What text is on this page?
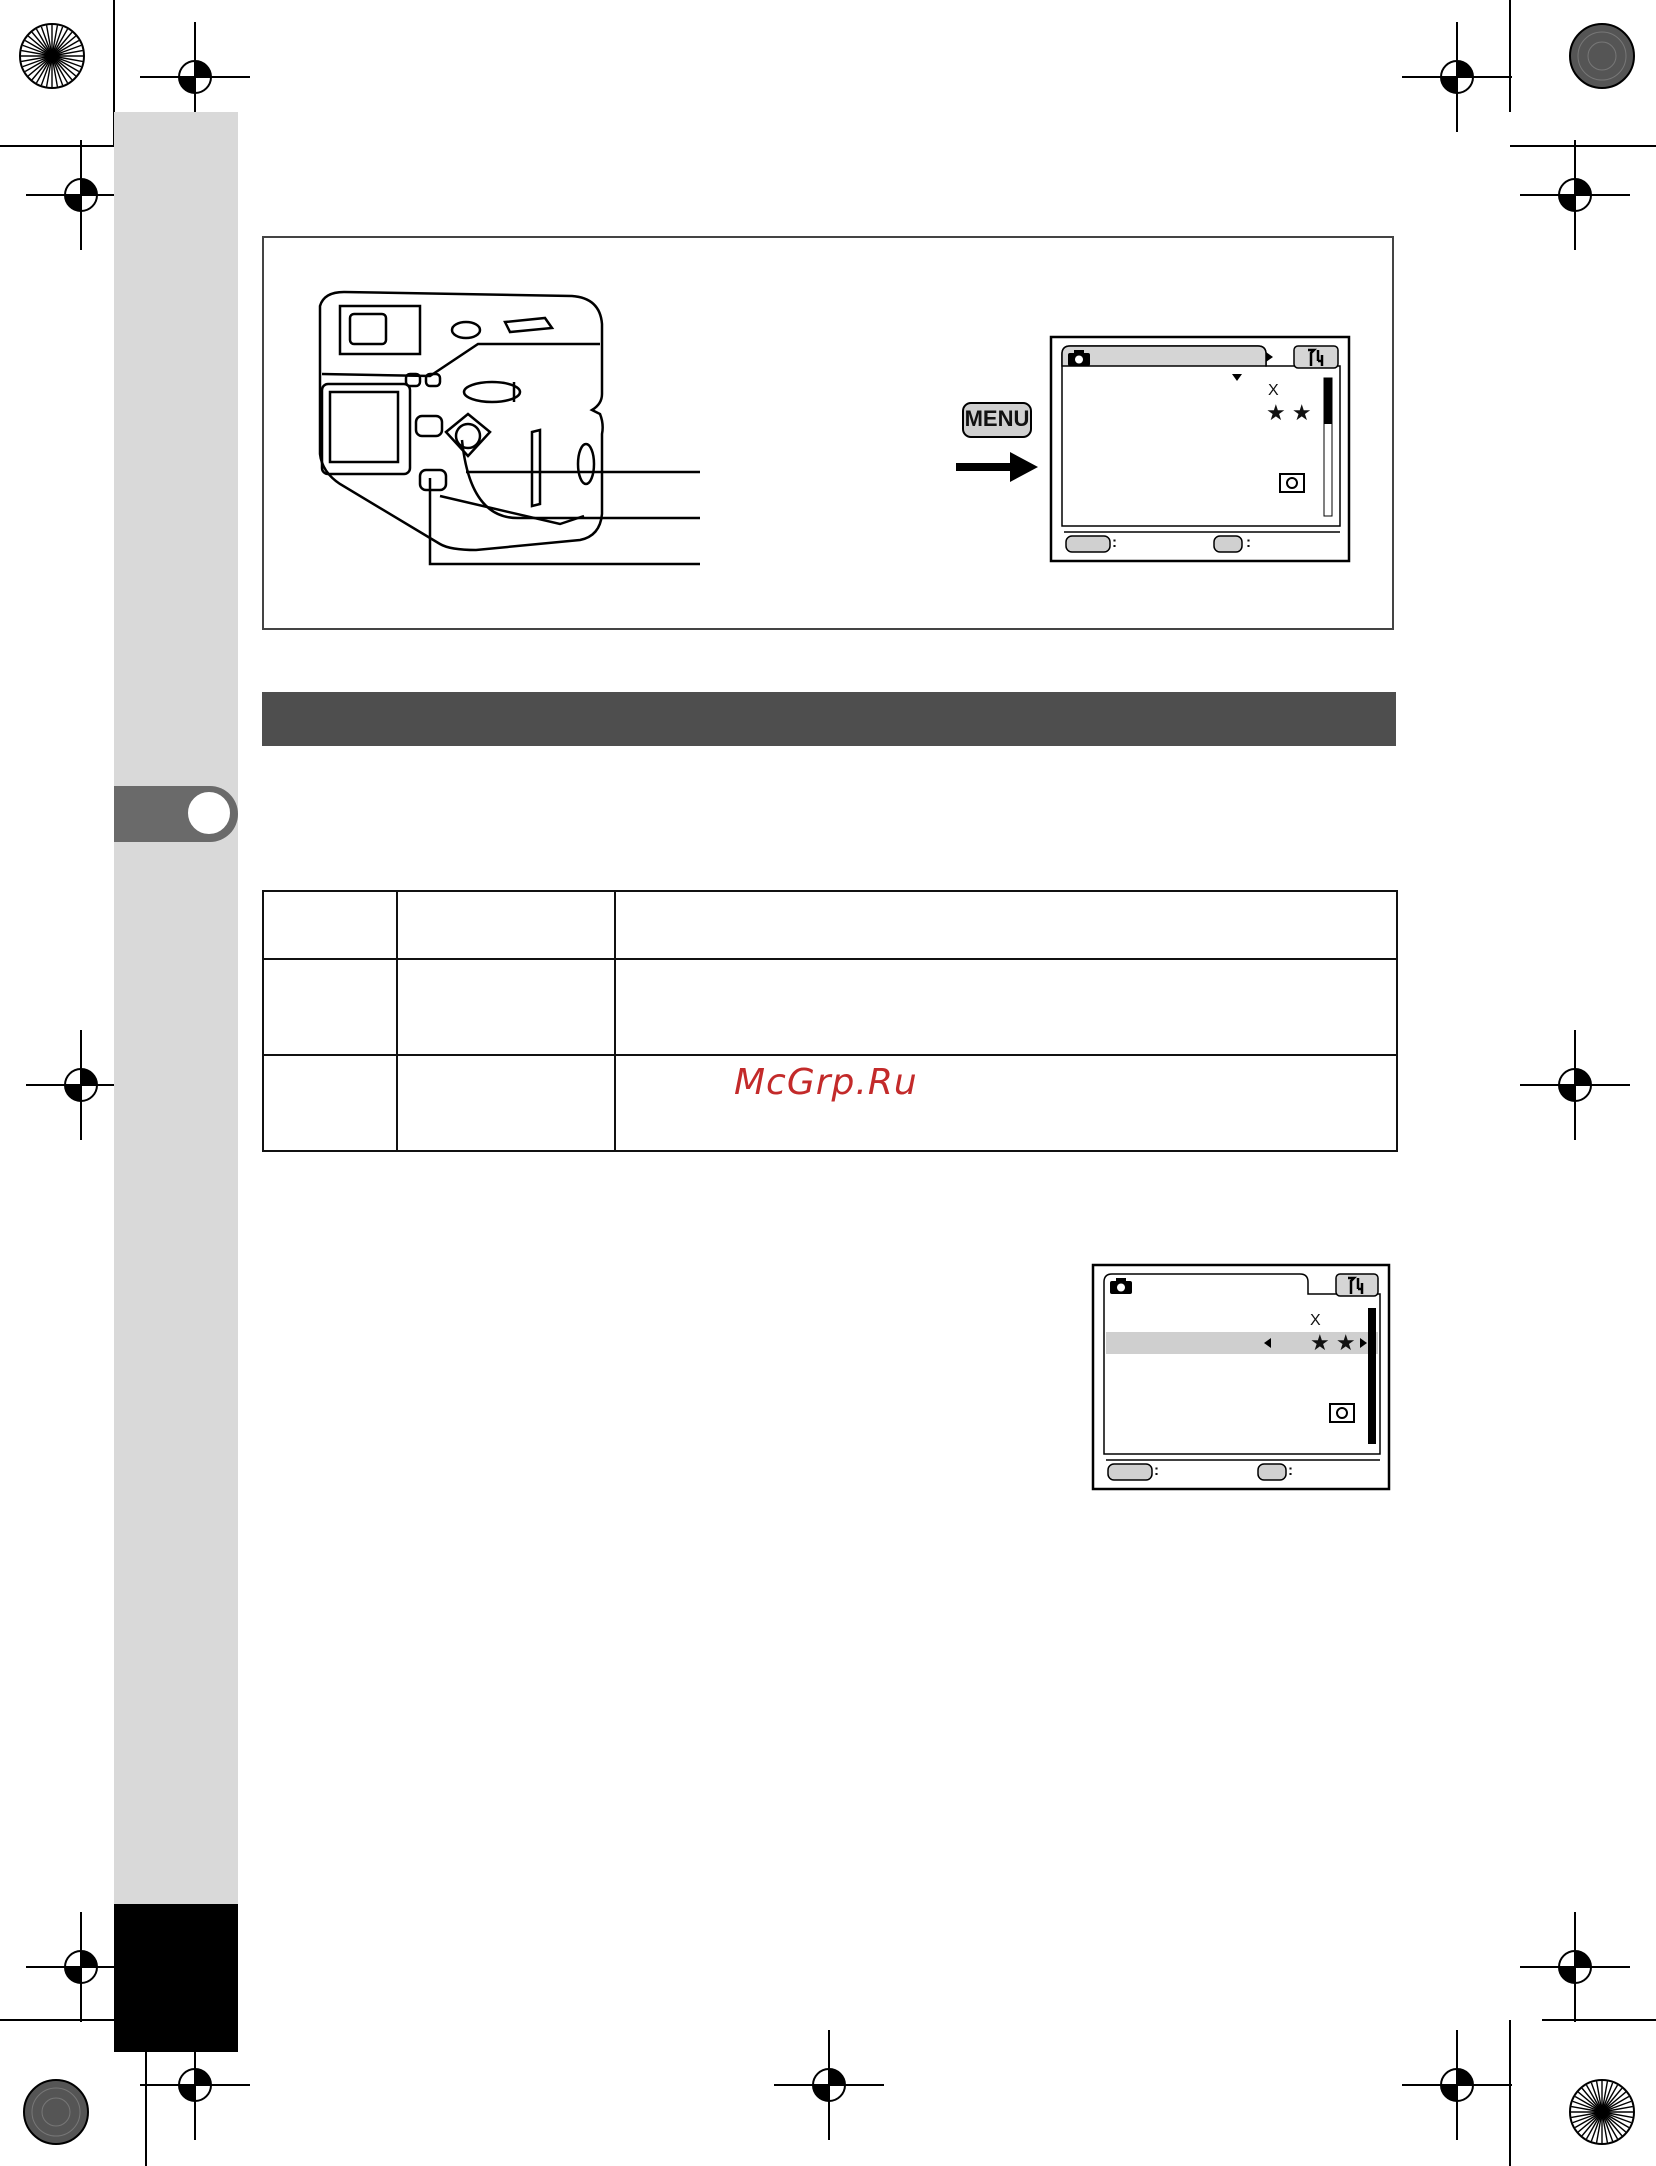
MENU
X
★ ★
:	:

McGrp.Ru
X
★ ★
:	:
